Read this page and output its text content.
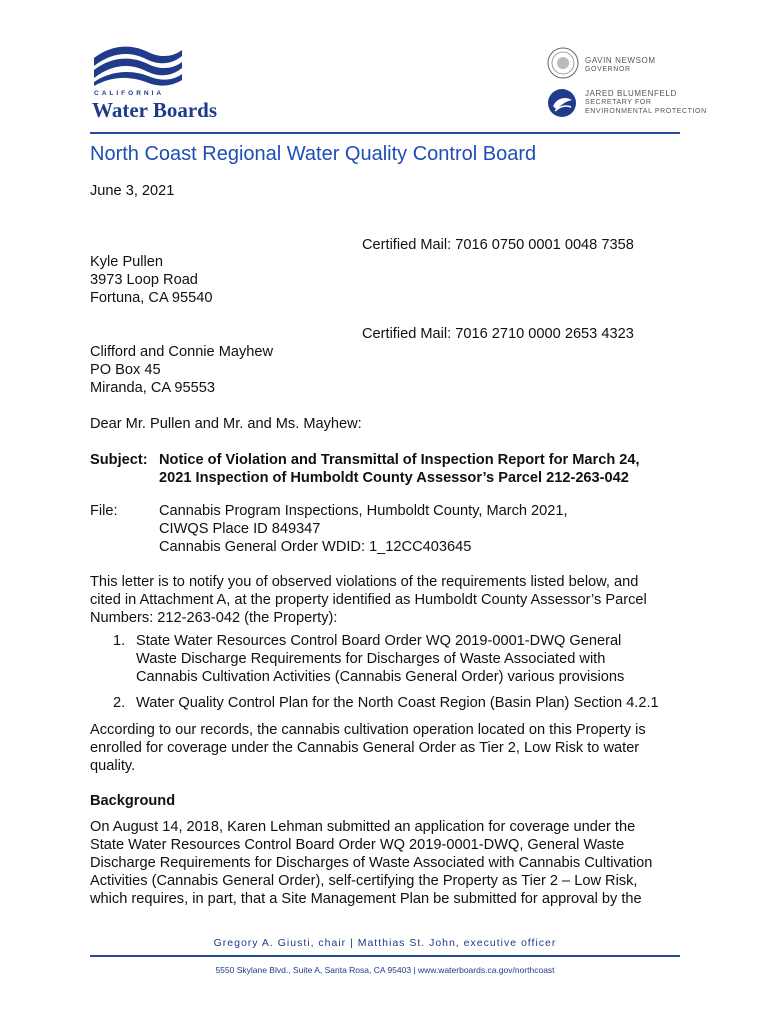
CALIFORNIA
Water Boards
GAVIN NEWSOM
GOVERNOR
JARED BLUMENFELD
SECRETARY FOR
ENVIRONMENTAL PROTECTION
North Coast Regional Water Quality Control Board
June 3, 2021
Certified Mail: 7016 0750 0001 0048 7358
Kyle Pullen
3973 Loop Road
Fortuna, CA 95540
Certified Mail: 7016 2710 0000 2653 4323
Clifford and Connie Mayhew
PO Box 45
Miranda, CA 95553
Dear Mr. Pullen and Mr. and Ms. Mayhew:
Subject: Notice of Violation and Transmittal of Inspection Report for March 24,
2021 Inspection of Humboldt County Assessor’s Parcel 212-263-042
File:	Cannabis Program Inspections, Humboldt County, March 2021,
CIWQS Place ID 849347
Cannabis General Order WDID: 1_12CC403645
This letter is to notify you of observed violations of the requirements listed below, and
cited in Attachment A, at the property identified as Humboldt County Assessor’s Parcel
Numbers: 212-263-042 (the Property):
1. State Water Resources Control Board Order WQ 2019-0001-DWQ General
Waste Discharge Requirements for Discharges of Waste Associated with
Cannabis Cultivation Activities (Cannabis General Order) various provisions
2. Water Quality Control Plan for the North Coast Region (Basin Plan) Section 4.2.1
According to our records, the cannabis cultivation operation located on this Property is
enrolled for coverage under the Cannabis General Order as Tier 2, Low Risk to water
quality.
Background
On August 14, 2018, Karen Lehman submitted an application for coverage under the
State Water Resources Control Board Order WQ 2019-0001-DWQ, General Waste
Discharge Requirements for Discharges of Waste Associated with Cannabis Cultivation
Activities (Cannabis General Order), self-certifying the Property as Tier 2 – Low Risk,
which requires, in part, that a Site Management Plan be submitted for approval by the
Gregory A. Giusti, chair | Matthias St. John, executive officer
5550 Skylane Blvd., Suite A, Santa Rosa, CA 95403 | www.waterboards.ca.gov/northcoast
